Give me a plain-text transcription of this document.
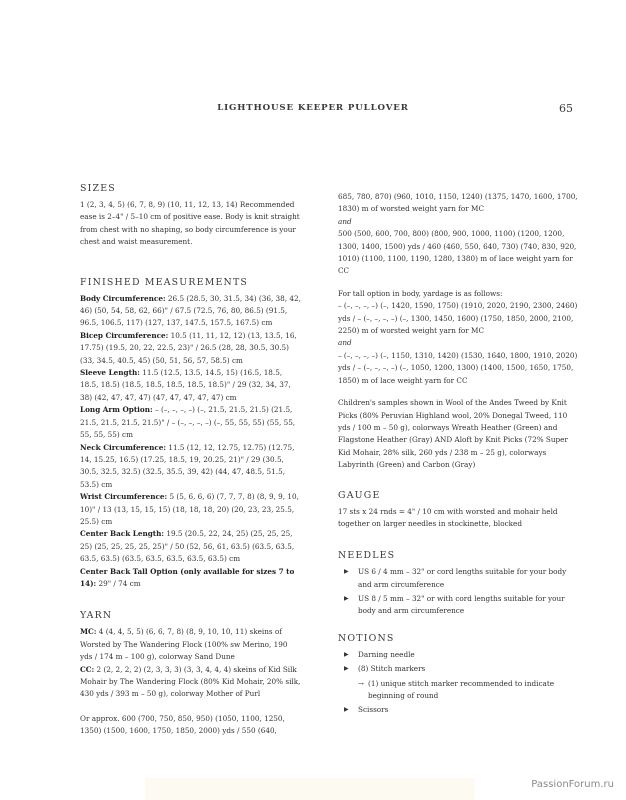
LIGHTHOUSE KEEPER PULLOVER	65
SIZES

1 (2, 3, 4, 5) (6, 7, 8, 9) (10, 11, 12, 13, 14) Recommended ease is 2–4" / 5–10 cm of positive ease. Body is knit straight from chest with no shaping, so body circumference is your chest and waist measurement.

FINISHED MEASUREMENTS

Body Circumference: 26.5 (28.5, 30, 31.5, 34) (36, 38, 42, 46) (50, 54, 58, 62, 66)" / 67.5 (72.5, 76, 80, 86.5) (91.5, 96.5, 106.5, 117) (127, 137, 147.5, 157.5, 167.5) cm
Bicep Circumference: 10.5 (11, 11, 12, 12) (13, 13.5, 16, 17.75) (19.5, 20, 22, 22.5, 23)" / 26.5 (28, 28, 30.5, 30.5) (33, 34.5, 40.5, 45) (50, 51, 56, 57, 58.5) cm
Sleeve Length: 11.5 (12.5, 13.5, 14.5, 15) (16.5, 18.5, 18.5, 18.5) (18.5, 18.5, 18.5, 18.5, 18.5)" / 29 (32, 34, 37, 38) (42, 47, 47, 47) (47, 47, 47, 47, 47) cm
Long Arm Option: – (–, –, –, –) (–, 21.5, 21.5, 21.5) (21.5, 21.5, 21.5, 21.5, 21.5)" / – (–, –, –, –) (–, 55, 55, 55) (55, 55, 55, 55, 55) cm
Neck Circumference: 11.5 (12, 12, 12.75, 12.75) (12.75, 14, 15.25, 16.5) (17.25, 18.5, 19, 20.25, 21)" / 29 (30.5, 30.5, 32.5, 32.5) (32.5, 35.5, 39, 42) (44, 47, 48.5, 51.5, 53.5) cm
Wrist Circumference: 5 (5, 6, 6, 6) (7, 7, 7, 8) (8, 9, 9, 10, 10)" / 13 (13, 15, 15, 15) (18, 18, 18, 20) (20, 23, 23, 25.5, 25.5) cm
Center Back Length: 19.5 (20.5, 22, 24, 25) (25, 25, 25, 25) (25, 25, 25, 25, 25)" / 50 (52, 56, 61, 63.5) (63.5, 63.5, 63.5, 63.5) (63.5, 63.5, 63.5, 63.5, 63.5) cm
Center Back Tall Option (only available for sizes 7 to 14): 29" / 74 cm

YARN

MC: 4 (4, 4, 5, 5) (6, 6, 7, 8) (8, 9, 10, 10, 11) skeins of Worsted by The Wandering Flock (100% sw Merino, 190 yds / 174 m – 100 g), colorway Sand Dune
CC: 2 (2, 2, 2, 2) (2, 3, 3, 3) (3, 3, 4, 4, 4) skeins of Kid Silk Mohair by The Wandering Flock (80% Kid Mohair, 20% silk, 430 yds / 393 m – 50 g), colorway Mother of Purl

Or approx. 600 (700, 750, 850, 950) (1050, 1100, 1250, 1350) (1500, 1600, 1750, 1850, 2000) yds / 550 (640,

685, 780, 870) (960, 1010, 1150, 1240) (1375, 1470, 1600, 1700, 1830) m of worsted weight yarn for MC
and
500 (500, 600, 700, 800) (800, 900, 1000, 1100) (1200, 1200, 1300, 1400, 1500) yds / 460 (460, 550, 640, 730) (740, 830, 920, 1010) (1100, 1100, 1190, 1280, 1380) m of lace weight yarn for CC

For tall option in body, yardage is as follows:
– (–, –, –, –) (–, 1420, 1590, 1750) (1910, 2020, 2190, 2300, 2460) yds / – (–, –, –, –) (–, 1300, 1450, 1600) (1750, 1850, 2000, 2100, 2250) m of worsted weight yarn for MC
and
– (–, –, –, –) (–, 1150, 1310, 1420) (1530, 1640, 1800, 1910, 2020) yds / – (–, –, –, –) (–, 1050, 1200, 1300) (1400, 1500, 1650, 1750, 1850) m of lace weight yarn for CC

Children's samples shown in Wool of the Andes Tweed by Knit Picks (80% Peruvian Highland wool, 20% Donegal Tweed, 110 yds / 100 m – 50 g), colorways Wreath Heather (Green) and Flagstone Heather (Gray) AND Aloft by Knit Picks (72% Super Kid Mohair, 28% silk, 260 yds / 238 m – 25 g), colorways Labyrinth (Green) and Carbon (Gray)

GAUGE

17 sts x 24 rnds = 4" / 10 cm with worsted and mohair held together on larger needles in stockinette, blocked

NEEDLES
▶ US 6 / 4 mm – 32" or cord lengths suitable for your body and arm circumference
▶ US 8 / 5 mm – 32" or with cord lengths suitable for your body and arm circumference
NOTIONS
▶ Darning needle
▶ (8) Stitch markers
→ (1) unique stitch marker recommended to indicate beginning of round
▶ Scissors
PassionForum.ru
